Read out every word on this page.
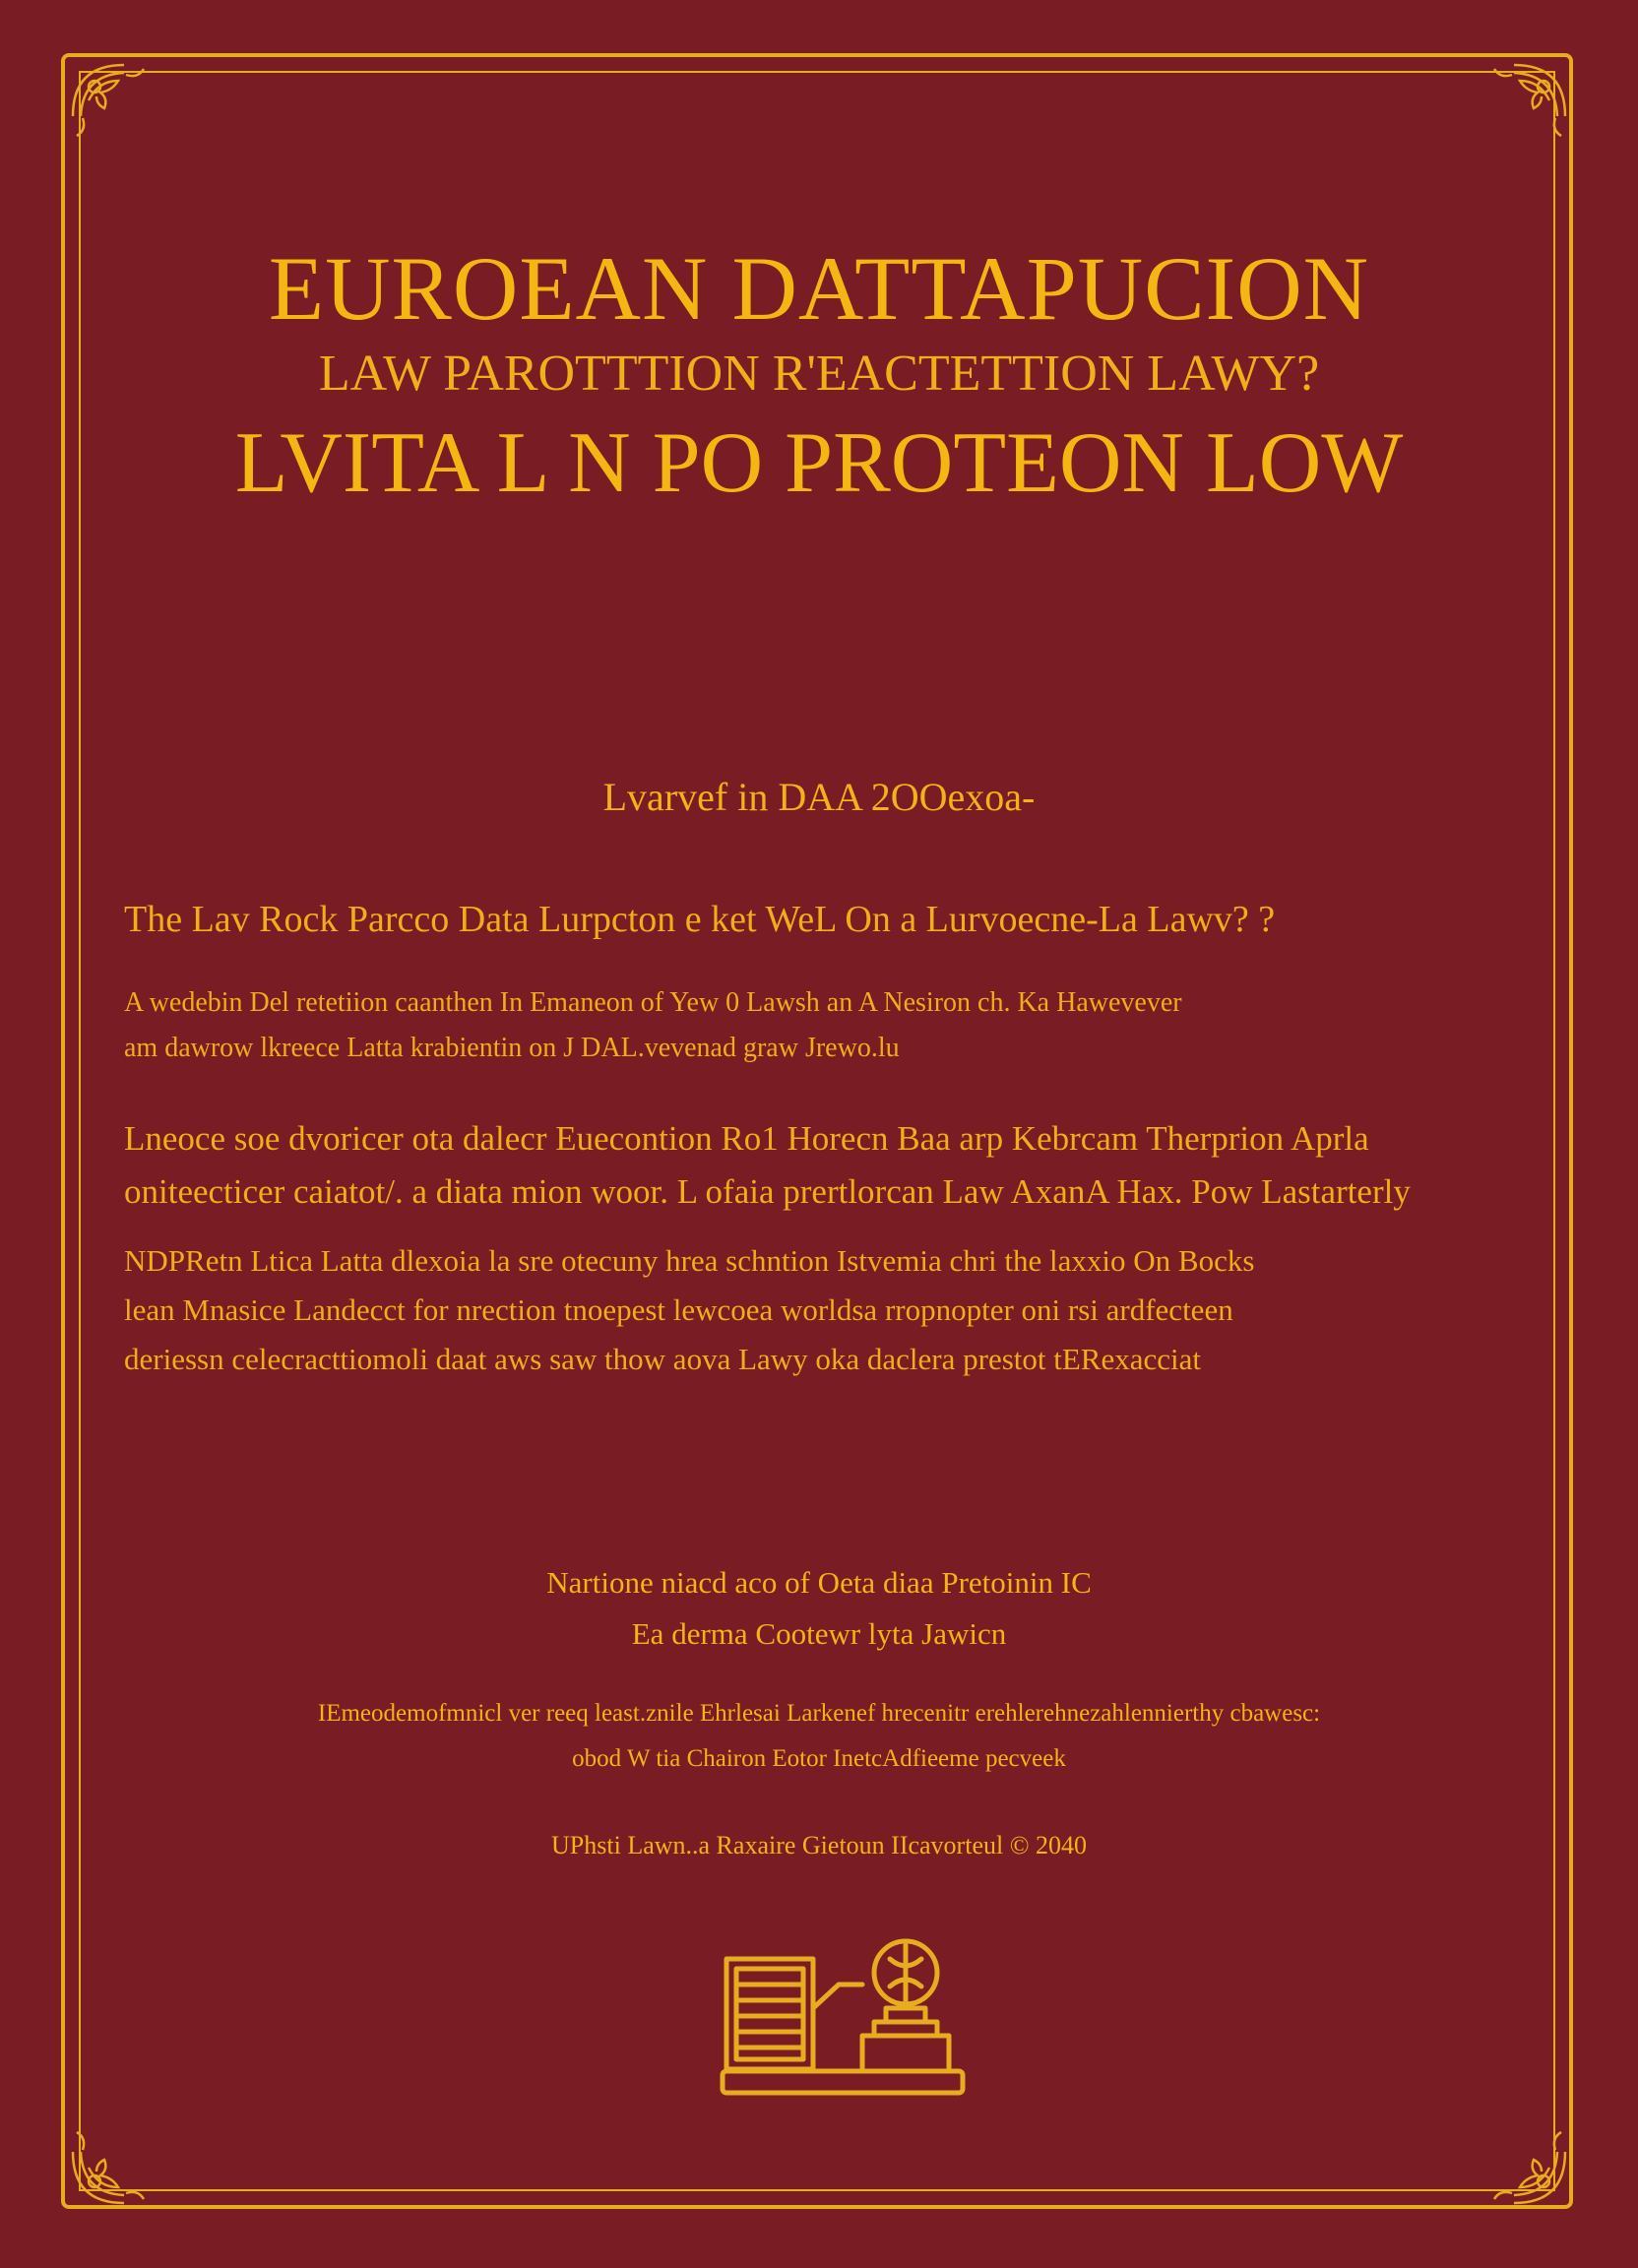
EUROEAN DATTAPUCION
LAW PAROTTTION R'EACTETTION LAWY?
LVITA L N PO PROTEON LOW
Lvarvef in DAA 2OOexoa-
The Lav Rock Parcco Data Lurpcton e ket WeL On a Lurvoecne-La Lawv? ?
A wedebin Del retetiion caanthen In Emaneon of Yew 0 Lawsh an A Nesiron ch. Ka Hawevever
am dawrow lkreece Latta krabientin on J DAL.vevenad graw Jrewo.lu
Lneoce soe dvoricer ota dalecr Euecontion Ro1 Horecn Baa arp Kebrcam Therprion Aprla
oniteecticer caiatot/. a diata mion woor. L ofaia prertlorcan Law AxanA Hax. Pow Lastarterly
NDPRetn Ltica Latta dlexoia la sre otecuny hrea schntion Istvemia chri the laxxio On Bocks
lean Mnasice Landecct for nrection tnoepest lewcoea worldsa rropnopter oni rsi ardfecteen
deriessn celecracttiomoli daat aws saw thow aova Lawy oka daclera prestot tERexacciat
Nartione niacd aco of Oeta diaa Pretoinin IC
Ea derma Cootewr lyta Jawicn
IEmeodemofmnicl ver reeq least.znile Ehrlesai Larkenef hrecenitr erehlerehnezahlennierthy cbawesc:
obod W tia Chairon Eotor InetcAdfieeme pecveek
UPhsti Lawn..a Raxaire Gietoun IIcavorteul © 2040
